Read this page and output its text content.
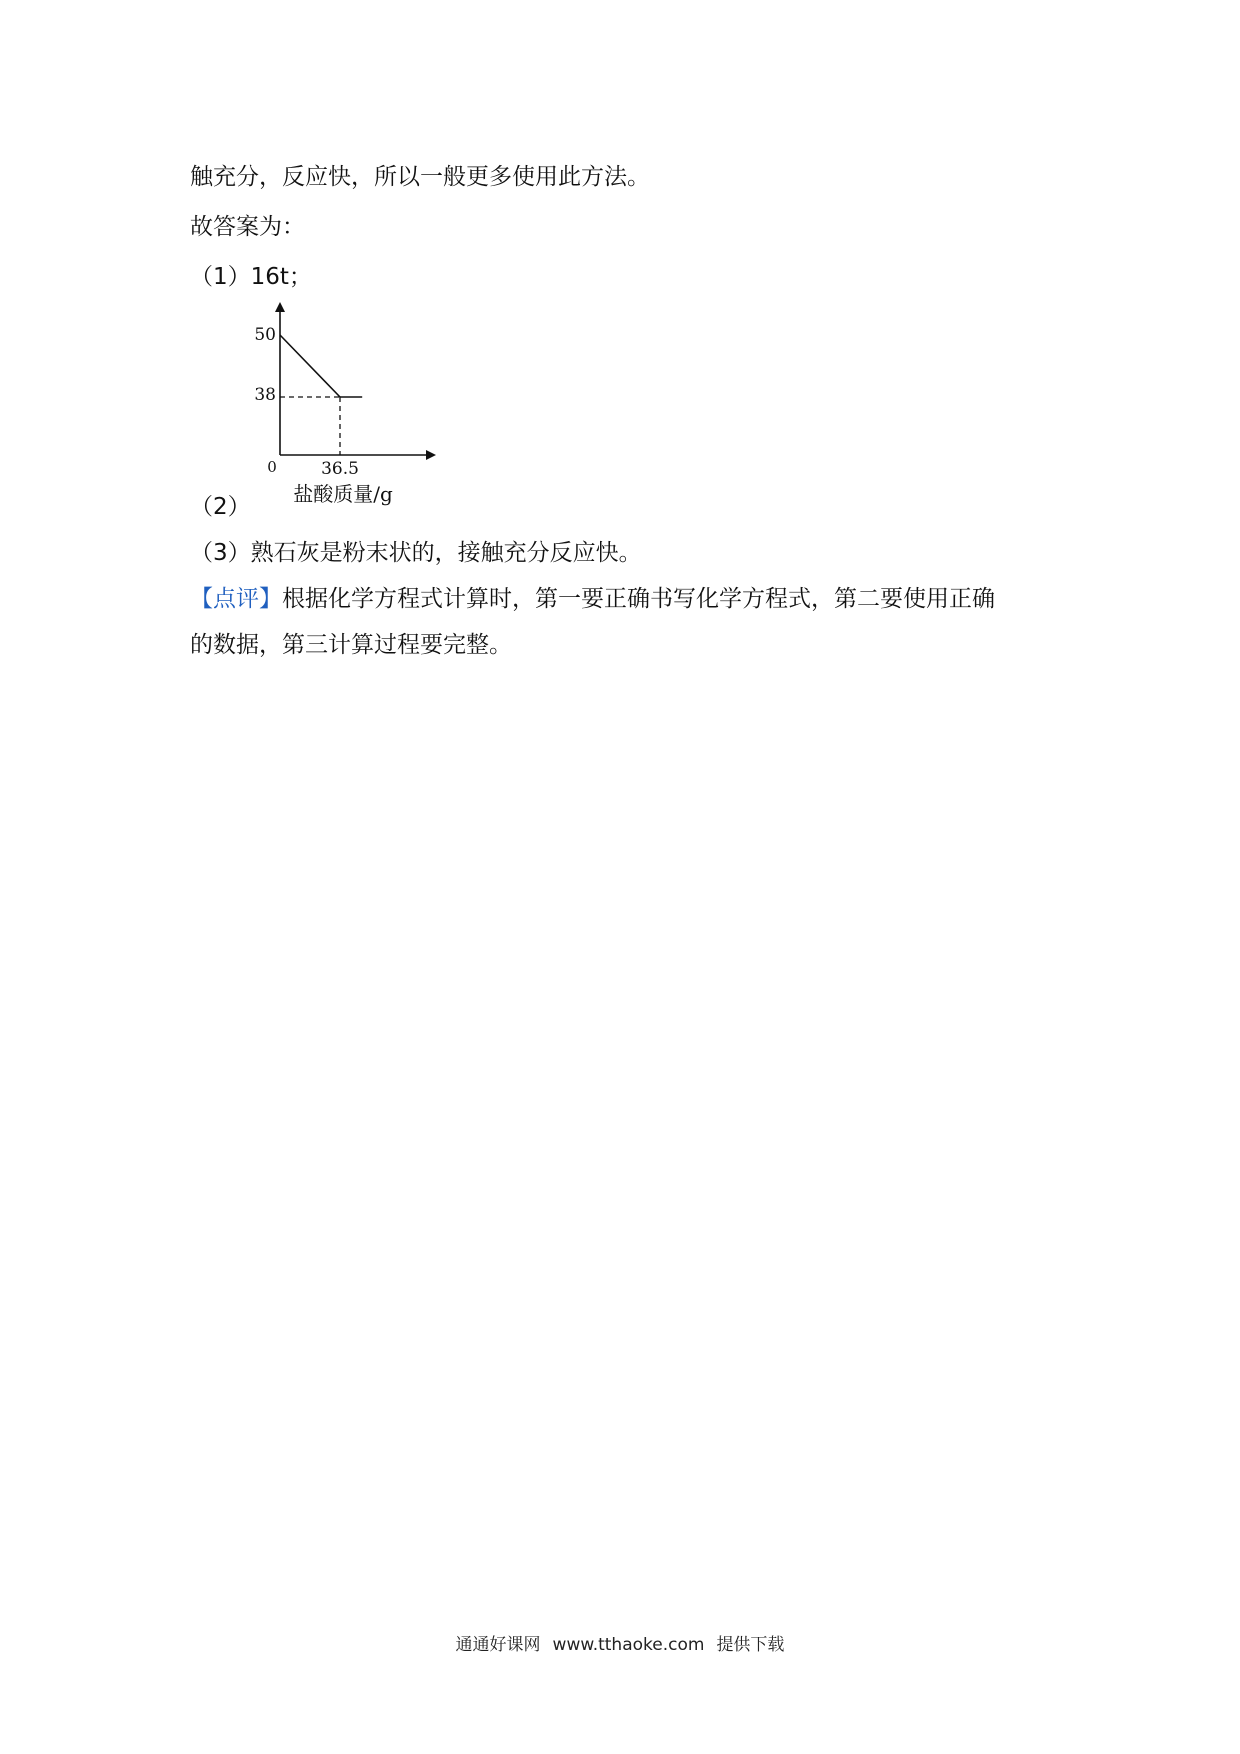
触充分，反应快，所以一般更多使用此方法。
故答案为：
（1）16t；
0
50
38
36.5
盐酸质量/g
（2）
（3）熟石灰是粉末状的，接触充分反应快。
【点评】根据化学方程式计算时，第一要正确书写化学方程式，第二要使用正确
的数据，第三计算过程要完整。
通通好课网 www.tthaoke.com 提供下载
